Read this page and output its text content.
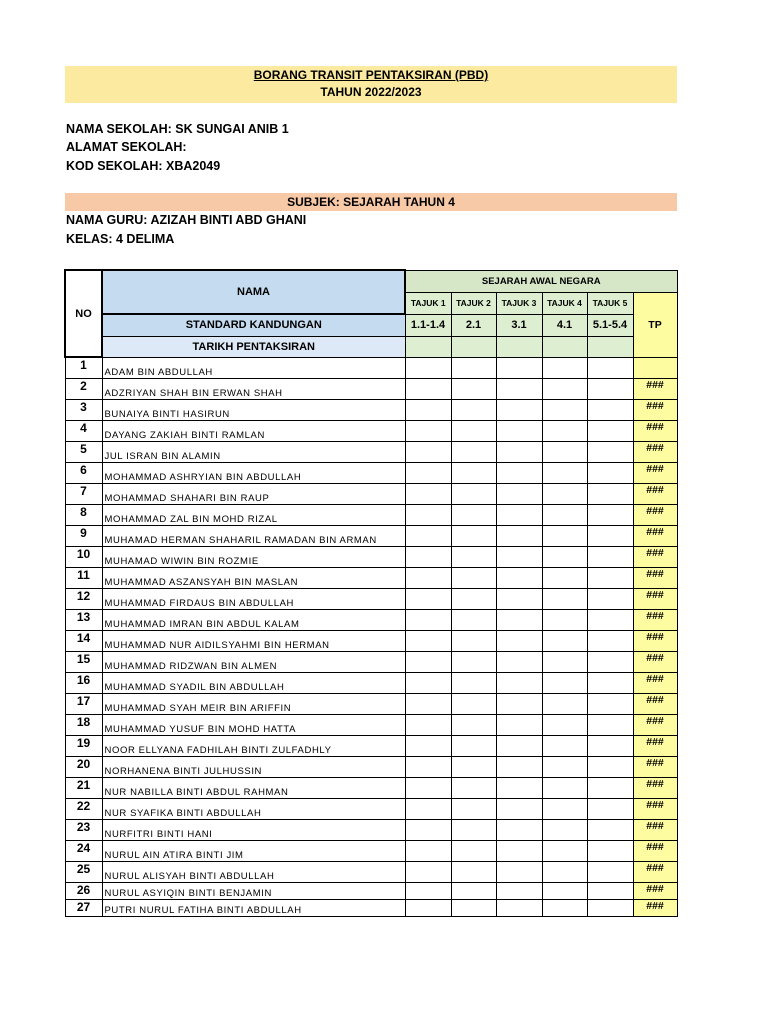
BORANG TRANSIT PENTAKSIRAN (PBD)
TAHUN 2022/2023
NAMA SEKOLAH: SK SUNGAI ANIB 1
ALAMAT SEKOLAH:
KOD SEKOLAH: XBA2049
SUBJEK: SEJARAH TAHUN 4
NAMA GURU: AZIZAH BINTI ABD GHANI
KELAS: 4 DELIMA
NO	NAMA	SEJARAH AWAL NEGARA					
		TAJUK 1	TAJUK 2	TAJUK 3	TAJUK 4	TAJUK 5	TP
	STANDARD KANDUNGAN	1.1-1.4	2.1	3.1	4.1	5.1-5.4	
	TARIKH PENTAKSIRAN						
1	ADAM BIN ABDULLAH						
2	ADZRIYAN SHAH BIN ERWAN SHAH						###
3	BUNAIYA BINTI HASIRUN						###
4	DAYANG ZAKIAH BINTI RAMLAN						###
5	JUL ISRAN BIN ALAMIN						###
6	MOHAMMAD ASHRYIAN BIN ABDULLAH						###
7	MOHAMMAD SHAHARI BIN RAUP						###
8	MOHAMMAD ZAL BIN MOHD RIZAL						###
9	MUHAMAD HERMAN SHAHARIL RAMADAN BIN ARMAN						###
10	MUHAMAD WIWIN BIN ROZMIE						###
11	MUHAMMAD ASZANSYAH BIN MASLAN						###
12	MUHAMMAD FIRDAUS BIN ABDULLAH						###
13	MUHAMMAD IMRAN BIN ABDUL KALAM						###
14	MUHAMMAD NUR AIDILSYAHMI BIN HERMAN						###
15	MUHAMMAD RIDZWAN BIN ALMEN						###
16	MUHAMMAD SYADIL BIN ABDULLAH						###
17	MUHAMMAD SYAH MEIR BIN ARIFFIN						###
18	MUHAMMAD YUSUF BIN MOHD HATTA						###
19	NOOR ELLYANA FADHILAH BINTI ZULFADHLY						###
20	NORHANENA BINTI JULHUSSIN						###
21	NUR NABILLA BINTI ABDUL RAHMAN						###
22	NUR SYAFIKA BINTI ABDULLAH						###
23	NURFITRI BINTI HANI						###
24	NURUL AIN ATIRA BINTI JIM						###
25	NURUL ALISYAH BINTI ABDULLAH						###
26	NURUL ASYIQIN BINTI BENJAMIN						###
27	PUTRI NURUL FATIHA BINTI ABDULLAH						###
